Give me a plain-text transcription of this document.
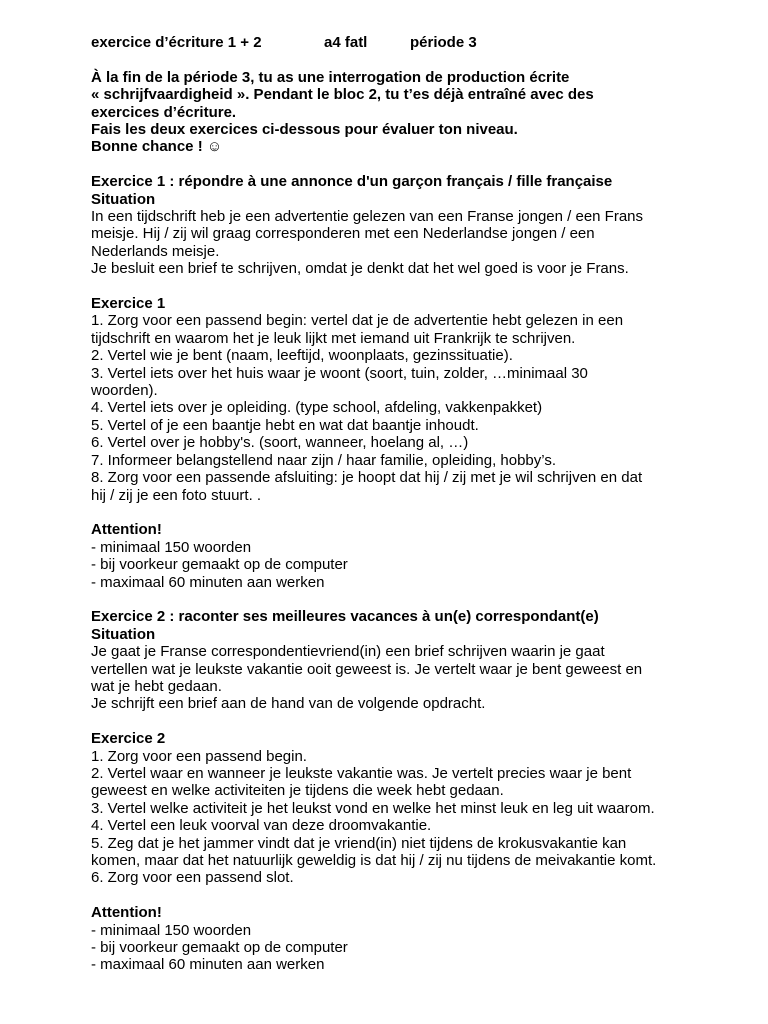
exercice d’écriture 1 + 2	a4 fatl	période 3

À la fin de la période 3, tu as une interrogation de production écrite

« schrijfvaardigheid ». Pendant le bloc 2, tu t’es déjà entraîné avec des

exercices d’écriture.

Fais les deux exercices ci-dessous pour évaluer ton niveau.

Bonne chance ! ☺

Exercice 1 : répondre à une annonce d'un garçon français / fille française

Situation

In een tijdschrift heb je een advertentie gelezen van een Franse jongen / een Frans

meisje. Hij / zij wil graag corresponderen met een Nederlandse jongen / een

Nederlands meisje.

Je besluit een brief te schrijven, omdat je denkt dat het wel goed is voor je Frans.

Exercice 1

1. Zorg voor een passend begin: vertel dat je de advertentie hebt gelezen in een

tijdschrift en waarom het je leuk lijkt met iemand uit Frankrijk te schrijven.

2. Vertel wie je bent (naam, leeftijd, woonplaats, gezinssituatie).

3. Vertel iets over het huis waar je woont (soort, tuin, zolder, …minimaal 30

woorden).

4. Vertel iets over je opleiding. (type school, afdeling, vakkenpakket)

5. Vertel of je een baantje hebt en wat dat baantje inhoudt.

6. Vertel over je hobby's. (soort, wanneer, hoelang al, …)

7. Informeer belangstellend naar zijn / haar familie, opleiding, hobby’s.

8. Zorg voor een passende afsluiting: je hoopt dat hij / zij met je wil schrijven en dat

hij / zij je een foto stuurt. .

Attention!

- minimaal 150 woorden

- bij voorkeur gemaakt op de computer

- maximaal 60 minuten aan werken

Exercice 2 : raconter ses meilleures vacances à un(e) correspondant(e)

Situation

Je gaat je Franse correspondentievriend(in) een brief schrijven waarin je gaat

vertellen wat je leukste vakantie ooit geweest is. Je vertelt waar je bent geweest en

wat je hebt gedaan.

Je schrijft een brief aan de hand van de volgende opdracht.

Exercice 2

1. Zorg voor een passend begin.

2. Vertel waar en wanneer je leukste vakantie was. Je vertelt precies waar je bent

geweest en welke activiteiten je tijdens die week hebt gedaan.

3. Vertel welke activiteit je het leukst vond en welke het minst leuk en leg uit waarom.

4. Vertel een leuk voorval van deze droomvakantie.

5. Zeg dat je het jammer vindt dat je vriend(in) niet tijdens de krokusvakantie kan

komen, maar dat het natuurlijk geweldig is dat hij / zij nu tijdens de meivakantie komt.

6. Zorg voor een passend slot.

Attention!

- minimaal 150 woorden

- bij voorkeur gemaakt op de computer

- maximaal 60 minuten aan werken
